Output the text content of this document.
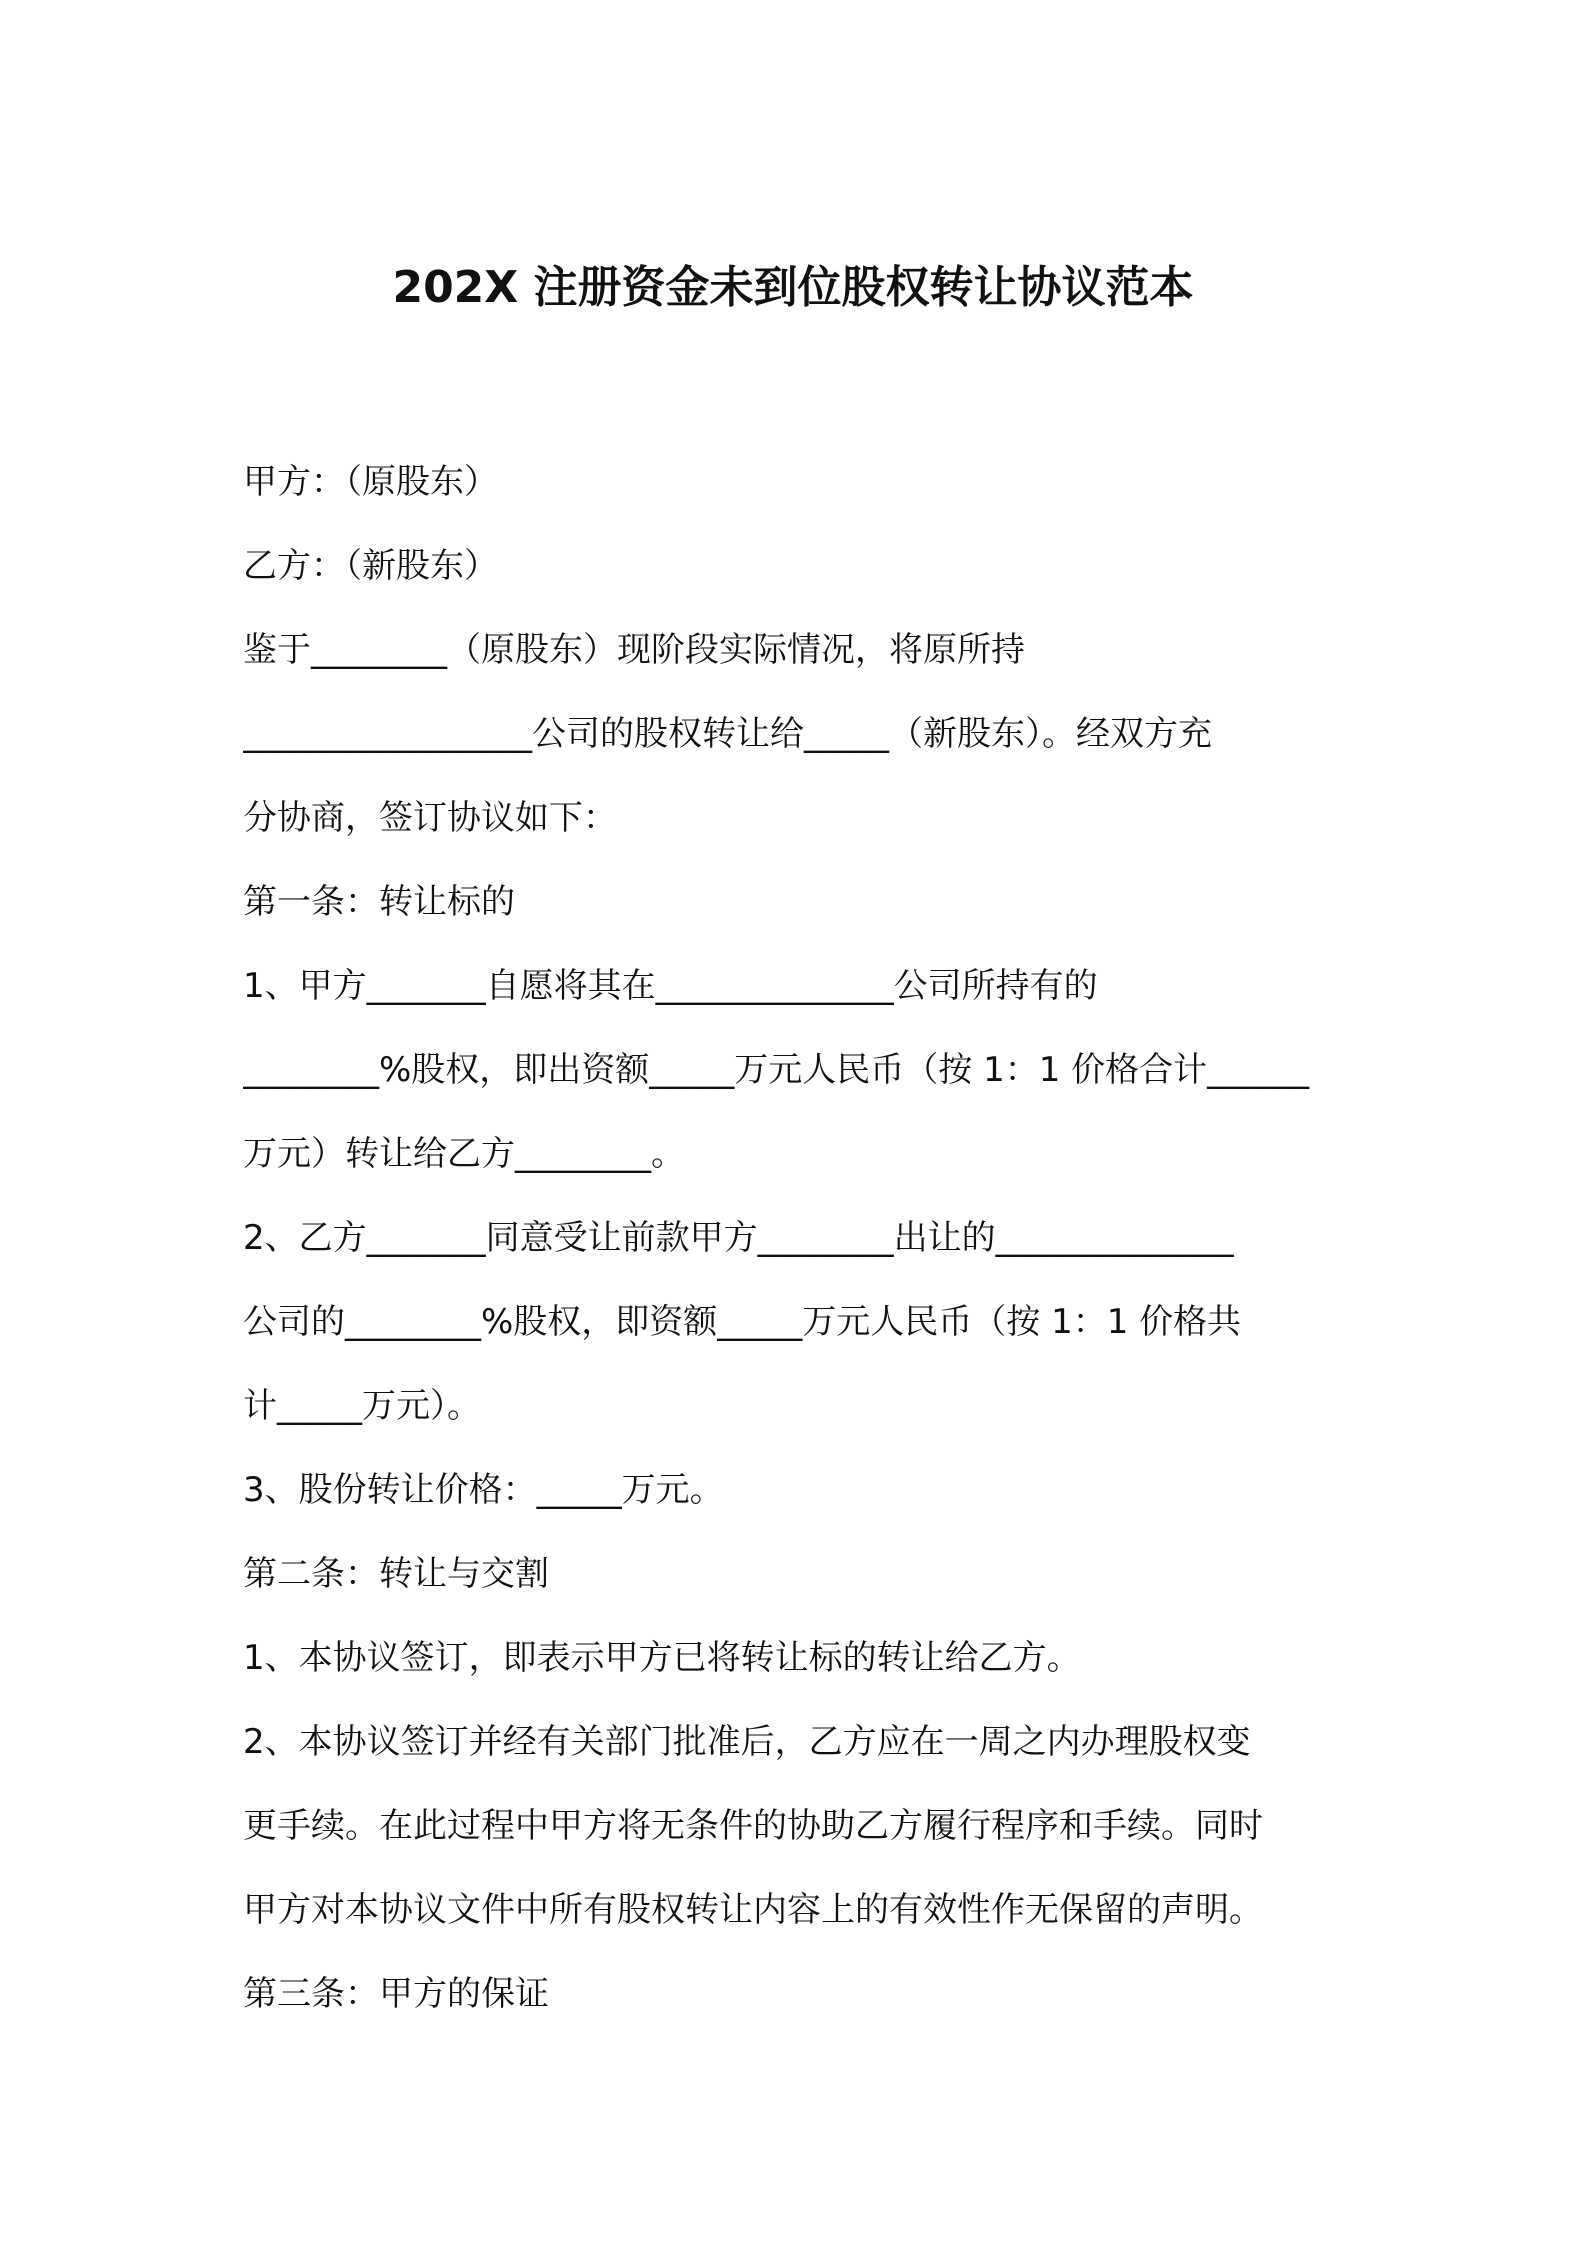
202X 注册资金未到位股权转让协议范本
甲方：（原股东）
乙方：（新股东）
鉴于________（原股东）现阶段实际情况，将原所持
_________________公司的股权转让给_____（新股东）。经双方充
分协商，签订协议如下：
第一条：转让标的
1、甲方_______自愿将其在______________公司所持有的
________%股权，即出资额_____万元人民币（按 1：1 价格合计______
万元）转让给乙方________。
2、乙方_______同意受让前款甲方________出让的______________
公司的________%股权，即资额_____万元人民币（按 1：1 价格共
计_____万元）。
3、股份转让价格：_____万元。
第二条：转让与交割
1、本协议签订，即表示甲方已将转让标的转让给乙方。
2、本协议签订并经有关部门批准后，乙方应在一周之内办理股权变
更手续。在此过程中甲方将无条件的协助乙方履行程序和手续。同时
甲方对本协议文件中所有股权转让内容上的有效性作无保留的声明。
第三条：甲方的保证
